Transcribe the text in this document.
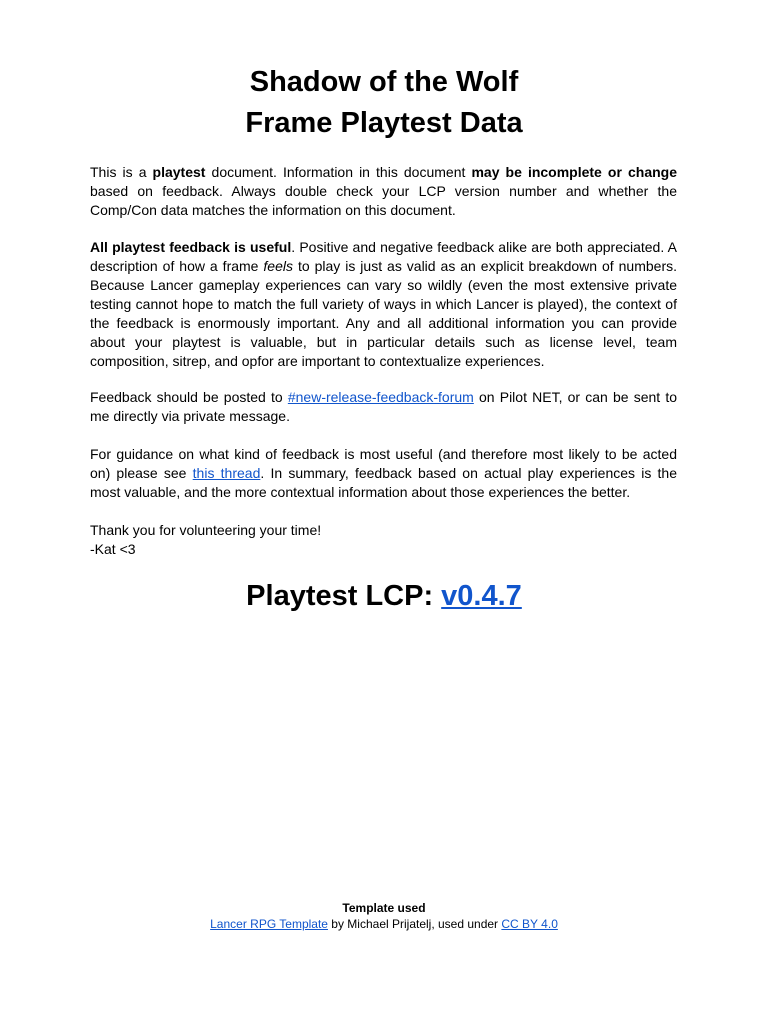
Shadow of the Wolf
Frame Playtest Data

This is a playtest document. Information in this document may be incomplete or change based on feedback. Always double check your LCP version number and whether the Comp/Con data matches the information on this document.

All playtest feedback is useful. Positive and negative feedback alike are both appreciated. A description of how a frame feels to play is just as valid as an explicit breakdown of numbers. Because Lancer gameplay experiences can vary so wildly (even the most extensive private testing cannot hope to match the full variety of ways in which Lancer is played), the context of the feedback is enormously important. Any and all additional information you can provide about your playtest is valuable, but in particular details such as license level, team composition, sitrep, and opfor are important to contextualize experiences.

Feedback should be posted to #new-release-feedback-forum on Pilot NET, or can be sent to me directly via private message.

For guidance on what kind of feedback is most useful (and therefore most likely to be acted on) please see this thread. In summary, feedback based on actual play experiences is the most valuable, and the more contextual information about those experiences the better.

Thank you for volunteering your time!
-Kat <3
Playtest LCP: v0.4.7
Template used
Lancer RPG Template by Michael Prijatelj, used under CC BY 4.0
